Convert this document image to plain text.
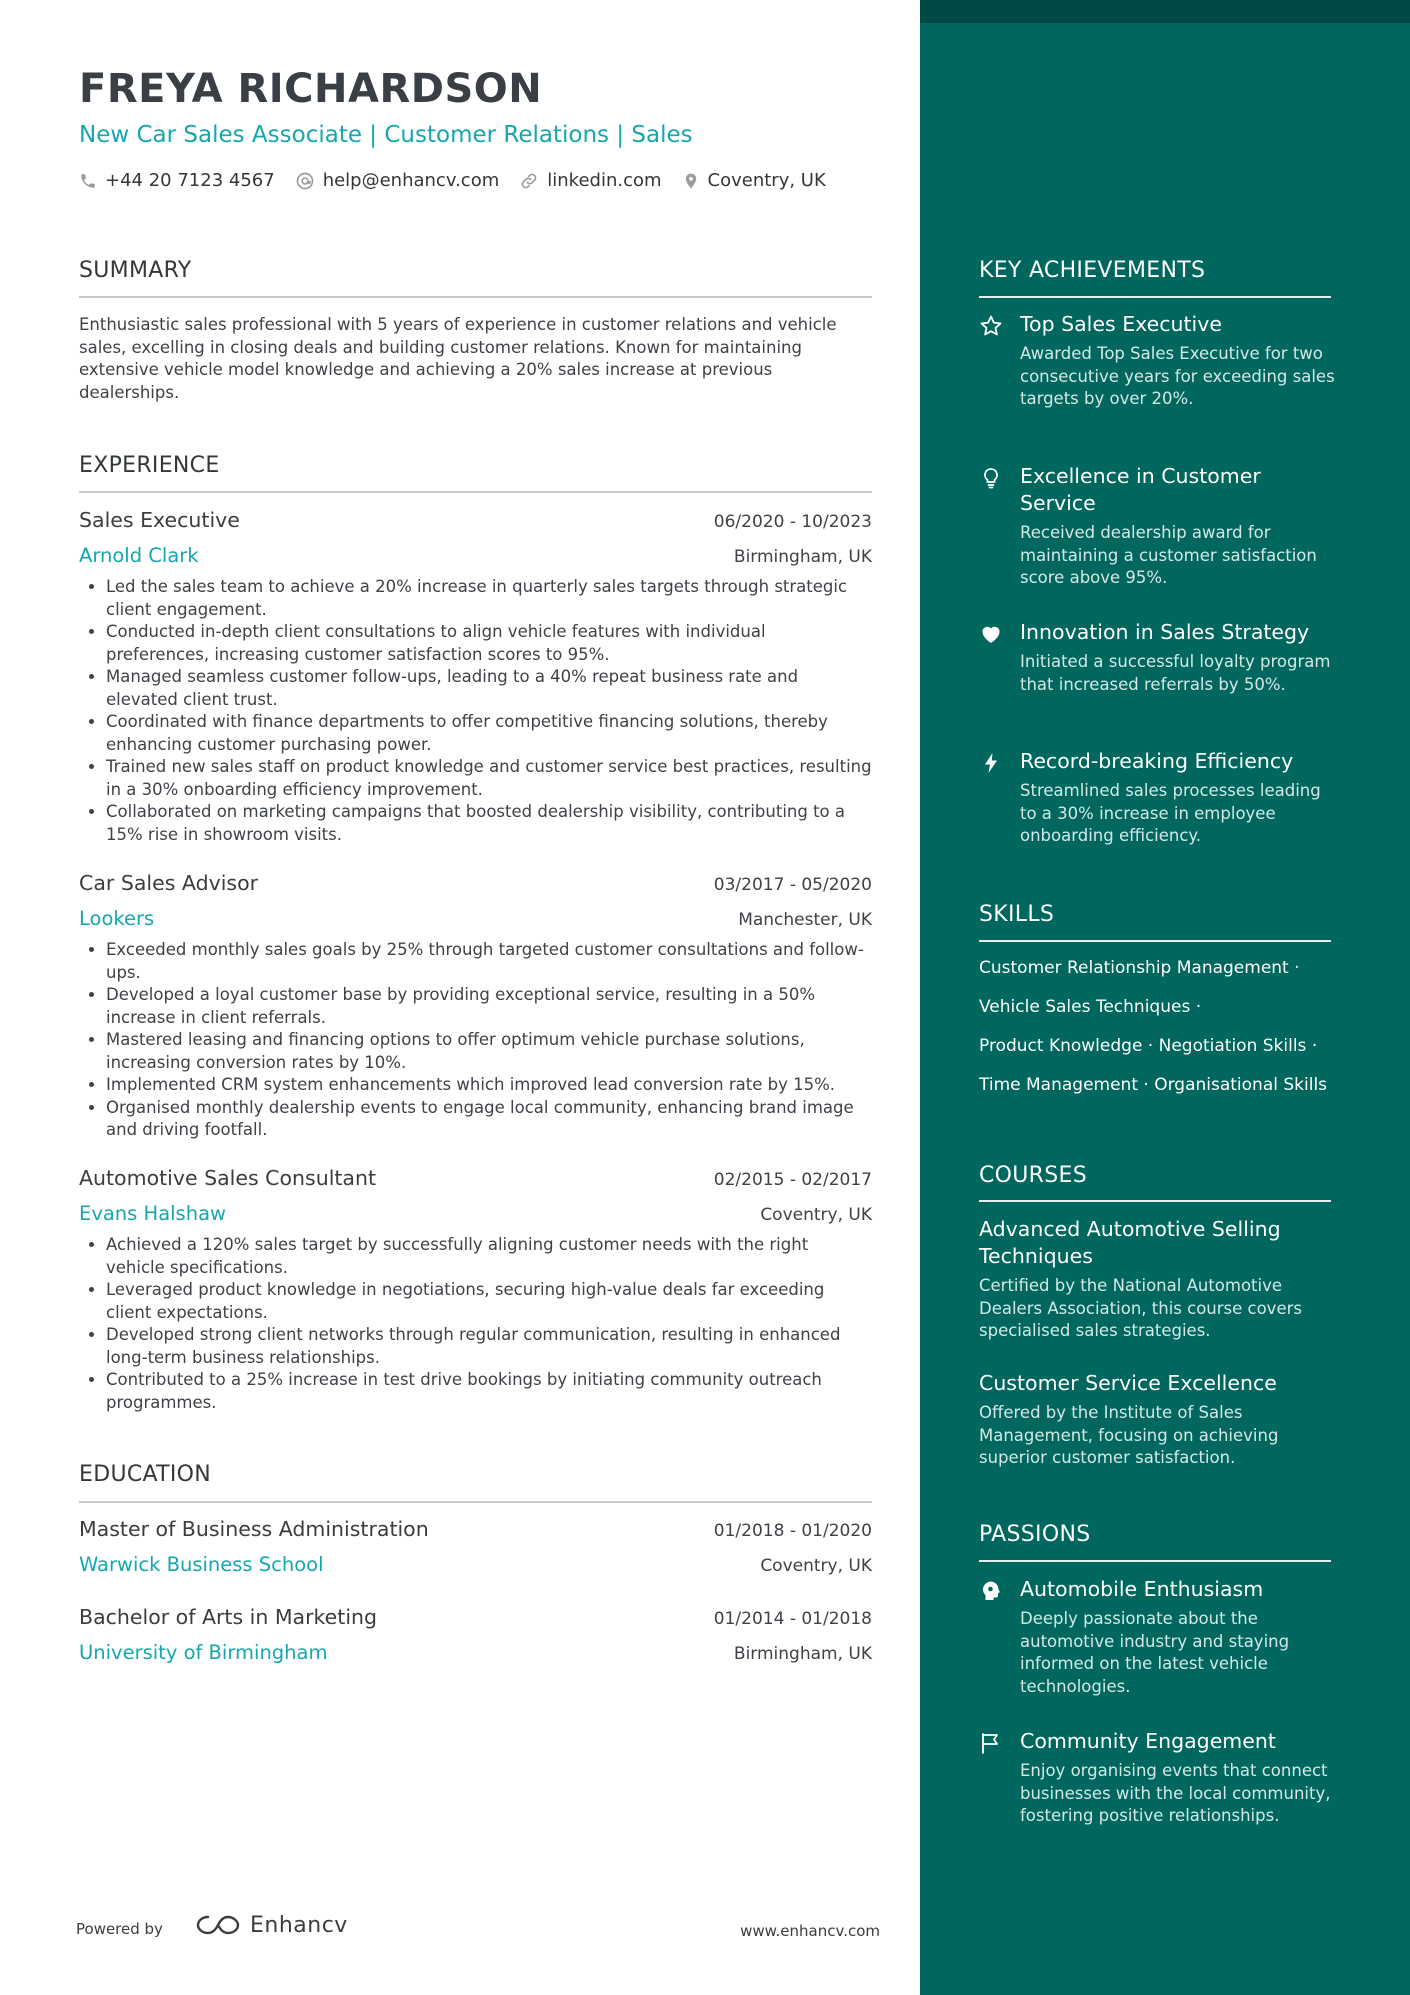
FREYA RICHARDSON
New Car Sales Associate | Customer Relations | Sales
+44 20 7123 4567	help@enhancv.com	linkedin.com	Coventry, UK
SUMMARY

Enthusiastic sales professional with 5 years of experience in customer relations and vehicle sales, excelling in closing deals and building customer relations. Known for maintaining extensive vehicle model knowledge and achieving a 20% sales increase at previous dealerships.

EXPERIENCE
Sales Executive	06/2020 - 10/2023
Arnold Clark	Birmingham, UK
• Led the sales team to achieve a 20% increase in quarterly sales targets through strategic client engagement.
• Conducted in-depth client consultations to align vehicle features with individual preferences, increasing customer satisfaction scores to 95%.
• Managed seamless customer follow-ups, leading to a 40% repeat business rate and elevated client trust.
• Coordinated with finance departments to offer competitive financing solutions, thereby enhancing customer purchasing power.
• Trained new sales staff on product knowledge and customer service best practices, resulting in a 30% onboarding efficiency improvement.
• Collaborated on marketing campaigns that boosted dealership visibility, contributing to a 15% rise in showroom visits.
Car Sales Advisor	03/2017 - 05/2020
Lookers	Manchester, UK
• Exceeded monthly sales goals by 25% through targeted customer consultations and follow-ups.
• Developed a loyal customer base by providing exceptional service, resulting in a 50% increase in client referrals.
• Mastered leasing and financing options to offer optimum vehicle purchase solutions, increasing conversion rates by 10%.
• Implemented CRM system enhancements which improved lead conversion rate by 15%.
• Organised monthly dealership events to engage local community, enhancing brand image and driving footfall.
Automotive Sales Consultant	02/2015 - 02/2017
Evans Halshaw	Coventry, UK
• Achieved a 120% sales target by successfully aligning customer needs with the right vehicle specifications.
• Leveraged product knowledge in negotiations, securing high-value deals far exceeding client expectations.
• Developed strong client networks through regular communication, resulting in enhanced long-term business relationships.
• Contributed to a 25% increase in test drive bookings by initiating community outreach programmes.
EDUCATION
Master of Business Administration	01/2018 - 01/2020
Warwick Business School	Coventry, UK
Bachelor of Arts in Marketing	01/2014 - 01/2018
University of Birmingham	Birmingham, UK
KEY ACHIEVEMENTS
Top Sales Executive
Awarded Top Sales Executive for two consecutive years for exceeding sales targets by over 20%.
Excellence in Customer Service
Received dealership award for maintaining a customer satisfaction score above 95%.
Innovation in Sales Strategy
Initiated a successful loyalty program that increased referrals by 50%.
Record-breaking Efficiency
Streamlined sales processes leading to a 30% increase in employee onboarding efficiency.
SKILLS
Customer Relationship Management ·
Vehicle Sales Techniques ·
Product Knowledge · Negotiation Skills ·
Time Management · Organisational Skills
COURSES
Advanced Automotive Selling Techniques
Certified by the National Automotive Dealers Association, this course covers specialised sales strategies.
Customer Service Excellence
Offered by the Institute of Sales Management, focusing on achieving superior customer satisfaction.
PASSIONS
Automobile Enthusiasm
Deeply passionate about the automotive industry and staying informed on the latest vehicle technologies.
Community Engagement
Enjoy organising events that connect businesses with the local community, fostering positive relationships.
Powered by	Enhancv	www.enhancv.com
